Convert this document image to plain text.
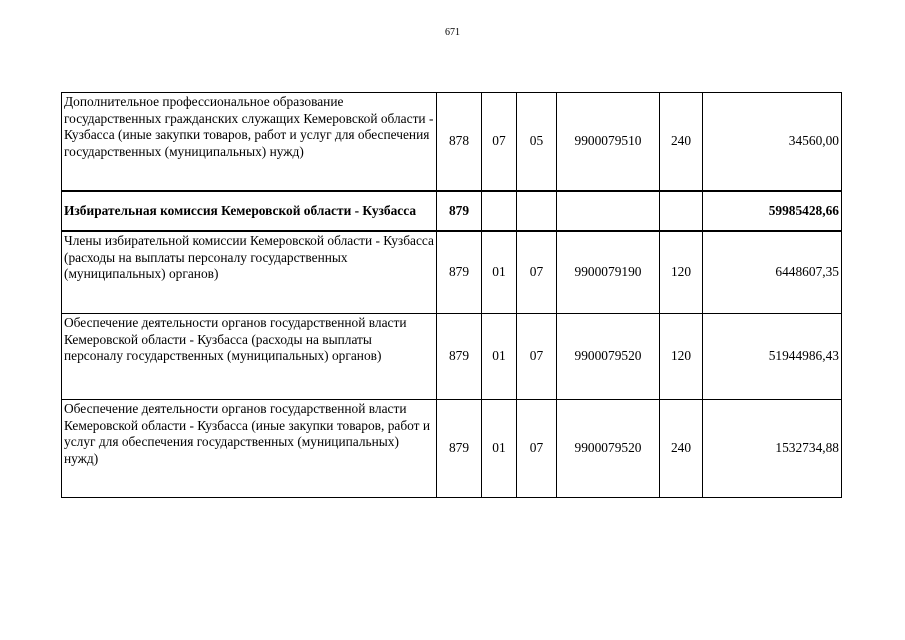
671
Дополнительное профессиональное образование государственных гражданских служащих Кемеровской области - Кузбасса (иные закупки товаров, работ и услуг для обеспечения государственных (муниципальных) нужд)	878	07	05	9900079510	240	34560,00
Избирательная комиссия Кемеровской области - Кузбасса	879					59985428,66
Члены избирательной комиссии Кемеровской области - Кузбасса (расходы на выплаты персоналу государственных (муниципальных) органов)	879	01	07	9900079190	120	6448607,35
Обеспечение деятельности органов государственной власти Кемеровской области - Кузбасса (расходы на выплаты персоналу государственных (муниципальных) органов)	879	01	07	9900079520	120	51944986,43
Обеспечение деятельности органов государственной власти Кемеровской области - Кузбасса (иные закупки товаров, работ и услуг для обеспечения государственных (муниципальных) нужд)	879	01	07	9900079520	240	1532734,88
